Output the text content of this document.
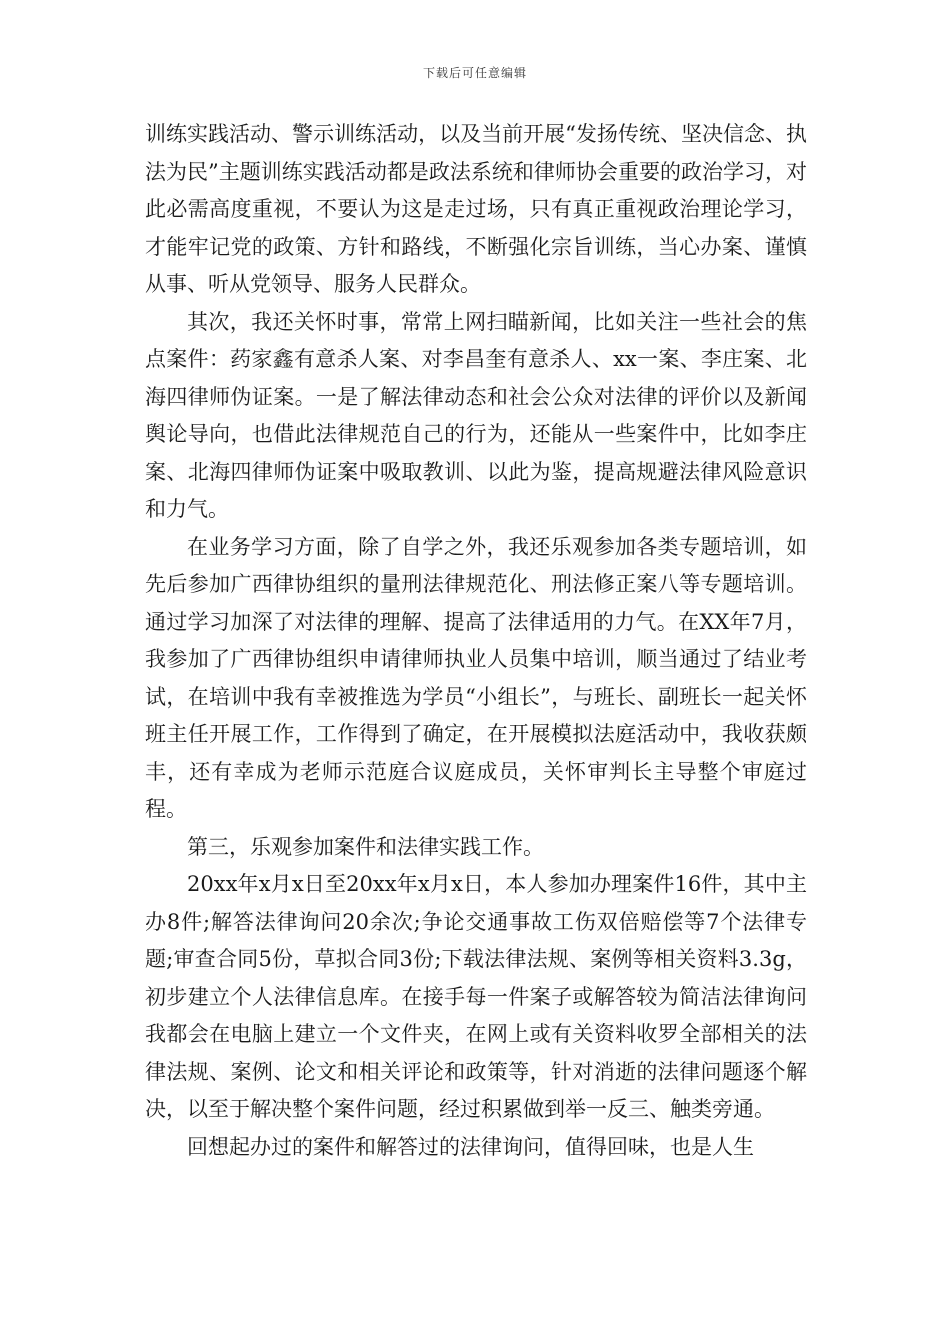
下载后可任意编辑

训练实践活动、警示训练活动，以及当前开展“发扬传统、坚决信念、执法为民”主题训练实践活动都是政法系统和律师协会重要的政治学习，对此必需高度重视，不要认为这是走过场，只有真正重视政治理论学习，才能牢记党的政策、方针和路线，不断强化宗旨训练，当心办案、谨慎从事、听从党领导、服务人民群众。

其次，我还关怀时事，常常上网扫瞄新闻，比如关注一些社会的焦点案件：药家鑫有意杀人案、对李昌奎有意杀人、xx一案、李庄案、北海四律师伪证案。一是了解法律动态和社会公众对法律的评价以及新闻舆论导向，也借此法律规范自己的行为，还能从一些案件中，比如李庄案、北海四律师伪证案中吸取教训、以此为鉴，提高规避法律风险意识和力气。

在业务学习方面，除了自学之外，我还乐观参加各类专题培训，如先后参加广西律协组织的量刑法律规范化、刑法修正案八等专题培训。通过学习加深了对法律的理解、提高了法律适用的力气。在XX年7月，我参加了广西律协组织申请律师执业人员集中培训，顺当通过了结业考试，在培训中我有幸被推选为学员“小组长”，与班长、副班长一起关怀班主任开展工作，工作得到了确定，在开展模拟法庭活动中，我收获颇丰，还有幸成为老师示范庭合议庭成员，关怀审判长主导整个审庭过程。

第三，乐观参加案件和法律实践工作。

20xx年x月x日至20xx年x月x日，本人参加办理案件16件，其中主办8件;解答法律询问20余次;争论交通事故工伤双倍赔偿等7个法律专题;审查合同5份，草拟合同3份;下载法律法规、案例等相关资料3.3g，初步建立个人法律信息库。在接手每一件案子或解答较为简洁法律询问我都会在电脑上建立一个文件夹，在网上或有关资料收罗全部相关的法律法规、案例、论文和相关评论和政策等，针对消逝的法律问题逐个解决，以至于解决整个案件问题，经过积累做到举一反三、触类旁通。

回想起办过的案件和解答过的法律询问，值得回味，也是人生
